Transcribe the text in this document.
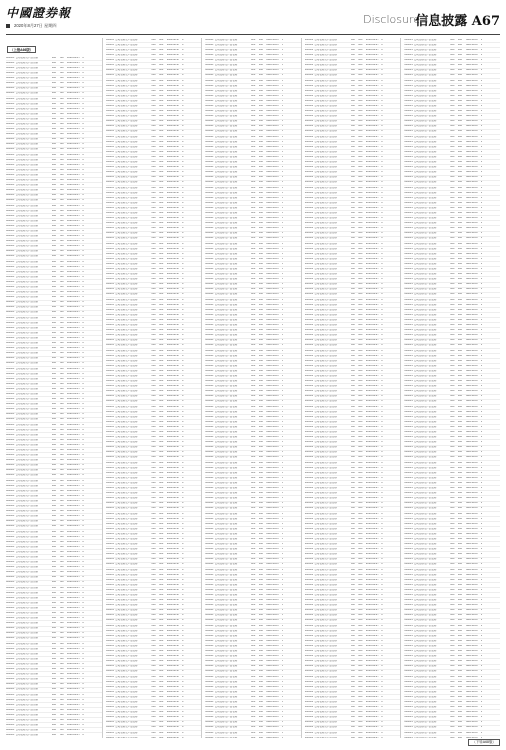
中國證券報
2020年8月27日 星期四	Disclosure
信息披露 A67
（上接A66版）
000001 公司名称及产品名称	000	000	2020-08-27 0
000001 公司名称及产品名称	000	000	2020-08-27 0
000001 公司名称及产品名称	000	000	2020-08-27 0
000001 公司名称及产品名称	000	000	2020-08-27 0
000001 公司名称及产品名称	000	000	2020-08-27 0
000001 公司名称及产品名称	000	000	2020-08-27 0
000001 公司名称及产品名称	000	000	2020-08-27 0
000001 公司名称及产品名称	000	000	2020-08-27 0
000001 公司名称及产品名称	000	000	2020-08-27 0
000001 公司名称及产品名称	000	000	2020-08-27 0
000001 公司名称及产品名称	000	000	2020-08-27 0
000001 公司名称及产品名称	000	000	2020-08-27 0
000001 公司名称及产品名称	000	000	2020-08-27 0
000001 公司名称及产品名称	000	000	2020-08-27 0
000001 公司名称及产品名称	000	000	2020-08-27 0
000001 公司名称及产品名称	000	000	2020-08-27 0
000001 公司名称及产品名称	000	000	2020-08-27 0
000001 公司名称及产品名称	000	000	2020-08-27 0
000001 公司名称及产品名称	000	000	2020-08-27 0
000001 公司名称及产品名称	000	000	2020-08-27 0
000001 公司名称及产品名称	000	000	2020-08-27 0
000001 公司名称及产品名称	000	000	2020-08-27 0
000001 公司名称及产品名称	000	000	2020-08-27 0
000001 公司名称及产品名称	000	000	2020-08-27 0
000001 公司名称及产品名称	000	000	2020-08-27 0
000001 公司名称及产品名称	000	000	2020-08-27 0
000001 公司名称及产品名称	000	000	2020-08-27 0
000001 公司名称及产品名称	000	000	2020-08-27 0
000001 公司名称及产品名称	000	000	2020-08-27 0
000001 公司名称及产品名称	000	000	2020-08-27 0
000001 公司名称及产品名称	000	000	2020-08-27 0
000001 公司名称及产品名称	000	000	2020-08-27 0
000001 公司名称及产品名称	000	000	2020-08-27 0
000001 公司名称及产品名称	000	000	2020-08-27 0
000001 公司名称及产品名称	000	000	2020-08-27 0
000001 公司名称及产品名称	000	000	2020-08-27 0
000001 公司名称及产品名称	000	000	2020-08-27 0
000001 公司名称及产品名称	000	000	2020-08-27 0
000001 公司名称及产品名称	000	000	2020-08-27 0
000001 公司名称及产品名称	000	000	2020-08-27 0
000001 公司名称及产品名称	000	000	2020-08-27 0
000001 公司名称及产品名称	000	000	2020-08-27 0
000001 公司名称及产品名称	000	000	2020-08-27 0
000001 公司名称及产品名称	000	000	2020-08-27 0
000001 公司名称及产品名称	000	000	2020-08-27 0
000001 公司名称及产品名称	000	000	2020-08-27 0
000001 公司名称及产品名称	000	000	2020-08-27 0
000001 公司名称及产品名称	000	000	2020-08-27 0
000001 公司名称及产品名称	000	000	2020-08-27 0
000001 公司名称及产品名称	000	000	2020-08-27 0
000001 公司名称及产品名称	000	000	2020-08-27 0
000001 公司名称及产品名称	000	000	2020-08-27 0
000001 公司名称及产品名称	000	000	2020-08-27 0
000001 公司名称及产品名称	000	000	2020-08-27 0
000001 公司名称及产品名称	000	000	2020-08-27 0
000001 公司名称及产品名称	000	000	2020-08-27 0
000001 公司名称及产品名称	000	000	2020-08-27 0
000001 公司名称及产品名称	000	000	2020-08-27 0
000001 公司名称及产品名称	000	000	2020-08-27 0
000001 公司名称及产品名称	000	000	2020-08-27 0
000001 公司名称及产品名称	000	000	2020-08-27 0
000001 公司名称及产品名称	000	000	2020-08-27 0
000001 公司名称及产品名称	000	000	2020-08-27 0
000001 公司名称及产品名称	000	000	2020-08-27 0
000001 公司名称及产品名称	000	000	2020-08-27 0
000001 公司名称及产品名称	000	000	2020-08-27 0
000001 公司名称及产品名称	000	000	2020-08-27 0
000001 公司名称及产品名称	000	000	2020-08-27 0
000001 公司名称及产品名称	000	000	2020-08-27 0
000001 公司名称及产品名称	000	000	2020-08-27 0
000001 公司名称及产品名称	000	000	2020-08-27 0
000001 公司名称及产品名称	000	000	2020-08-27 0
000001 公司名称及产品名称	000	000	2020-08-27 0
000001 公司名称及产品名称	000	000	2020-08-27 0
000001 公司名称及产品名称	000	000	2020-08-27 0
000001 公司名称及产品名称	000	000	2020-08-27 0
000001 公司名称及产品名称	000	000	2020-08-27 0
000001 公司名称及产品名称	000	000	2020-08-27 0
000001 公司名称及产品名称	000	000	2020-08-27 0
000001 公司名称及产品名称	000	000	2020-08-27 0
000001 公司名称及产品名称	000	000	2020-08-27 0
000001 公司名称及产品名称	000	000	2020-08-27 0
000001 公司名称及产品名称	000	000	2020-08-27 0
000001 公司名称及产品名称	000	000	2020-08-27 0
000001 公司名称及产品名称	000	000	2020-08-27 0
000001 公司名称及产品名称	000	000	2020-08-27 0
000001 公司名称及产品名称	000	000	2020-08-27 0
000001 公司名称及产品名称	000	000	2020-08-27 0
000001 公司名称及产品名称	000	000	2020-08-27 0
000001 公司名称及产品名称	000	000	2020-08-27 0
000001 公司名称及产品名称	000	000	2020-08-27 0
000001 公司名称及产品名称	000	000	2020-08-27 0
000001 公司名称及产品名称	000	000	2020-08-27 0
000001 公司名称及产品名称	000	000	2020-08-27 0
000001 公司名称及产品名称	000	000	2020-08-27 0
000001 公司名称及产品名称	000	000	2020-08-27 0
000001 公司名称及产品名称	000	000	2020-08-27 0
000001 公司名称及产品名称	000	000	2020-08-27 0
000001 公司名称及产品名称	000	000	2020-08-27 0
000001 公司名称及产品名称	000	000	2020-08-27 0
000001 公司名称及产品名称	000	000	2020-08-27 0
000001 公司名称及产品名称	000	000	2020-08-27 0
000001 公司名称及产品名称	000	000	2020-08-27 0
000001 公司名称及产品名称	000	000	2020-08-27 0
000001 公司名称及产品名称	000	000	2020-08-27 0
000001 公司名称及产品名称	000	000	2020-08-27 0
000001 公司名称及产品名称	000	000	2020-08-27 0
000001 公司名称及产品名称	000	000	2020-08-27 0
000001 公司名称及产品名称	000	000	2020-08-27 0
000001 公司名称及产品名称	000	000	2020-08-27 0
000001 公司名称及产品名称	000	000	2020-08-27 0
000001 公司名称及产品名称	000	000	2020-08-27 0
000001 公司名称及产品名称	000	000	2020-08-27 0
000001 公司名称及产品名称	000	000	2020-08-27 0
000001 公司名称及产品名称	000	000	2020-08-27 0
000001 公司名称及产品名称	000	000	2020-08-27 0
000001 公司名称及产品名称	000	000	2020-08-27 0
000001 公司名称及产品名称	000	000	2020-08-27 0
000001 公司名称及产品名称	000	000	2020-08-27 0
000001 公司名称及产品名称	000	000	2020-08-27 0
000001 公司名称及产品名称	000	000	2020-08-27 0
000001 公司名称及产品名称	000	000	2020-08-27 0
000001 公司名称及产品名称	000	000	2020-08-27 0
000001 公司名称及产品名称	000	000	2020-08-27 0
000001 公司名称及产品名称	000	000	2020-08-27 0
000001 公司名称及产品名称	000	000	2020-08-27 0
000001 公司名称及产品名称	000	000	2020-08-27 0
000001 公司名称及产品名称	000	000	2020-08-27 0
000001 公司名称及产品名称	000	000	2020-08-27 0
000001 公司名称及产品名称	000	000	2020-08-27 0
000001 公司名称及产品名称	000	000	2020-08-27 0
000001 公司名称及产品名称	000	000	2020-08-27 0
000001 公司名称及产品名称	000	000	2020-08-27 0
000001 公司名称及产品名称	000	000	2020-08-27 0
000001 公司名称及产品名称	000	000	2020-08-27 0
000001 公司名称及产品名称	000	000	2020-08-27 0
000001 公司名称及产品名称	000	000	2020-08-27 0
000001 公司名称及产品名称	000	000	2020-08-27 0
000001 公司名称及产品名称	000	000	2020-08-27 0
000001 公司名称及产品名称	000	000	2020-08-27 0
000001 公司名称及产品名称	000	000	2020-08-27 0
000001 公司名称及产品名称	000	000	2020-08-27 0
000001 公司名称及产品名称	000	000	2020-08-27 0
000001 公司名称及产品名称	000	000	2020-08-27 0
000001 公司名称及产品名称	000	000	2020-08-27 0
000001 公司名称及产品名称	000	000	2020-08-27 0
000001 公司名称及产品名称	000	000	2020-08-27 0
000001 公司名称及产品名称	000	000	2020-08-27 0
000001 公司名称及产品名称	000	000	2020-08-27 0
000001 公司名称及产品名称	000	000	2020-08-27 0
000001 公司名称及产品名称	000	000	2020-08-27 0
000001 公司名称及产品名称	000	000	2020-08-27 0
000001 公司名称及产品名称	000	000	2020-08-27 0
000001 公司名称及产品名称	000	000	2020-08-27 0
000001 公司名称及产品名称	000	000	2020-08-27 0
000001 公司名称及产品名称	000	000	2020-08-27 0
000001 公司名称及产品名称	000	000	2020-08-27 0
000001 公司名称及产品名称	000	000	2020-08-27 0
000001 公司名称及产品名称	000	000	2020-08-27 0
000001 公司名称及产品名称	000	000	2020-08-27 0
000001 公司名称及产品名称	000	000	2020-08-27 0
000001 公司名称及产品名称	000	000	2020-08-27 0
000001 公司名称及产品名称	000	000	2020-08-27 0
000001 公司名称及产品名称	000	000	2020-08-27 0
000001 公司名称及产品名称	000	000	2020-08-27 0
000001 公司名称及产品名称	000	000	2020-08-27 0
000001 公司名称及产品名称	000	000	2020-08-27 0
000001 公司名称及产品名称	000	000	2020-08-27 0
000001 公司名称及产品名称	000	000	2020-08-27 0
000001 公司名称及产品名称	000	000	2020-08-27 0
000001 公司名称及产品名称	000	000	2020-08-27 0
000001 公司名称及产品名称	000	000	2020-08-27 0
000001 公司名称及产品名称	000	000	2020-08-27 0
000001 公司名称及产品名称	000	000	2020-08-27 0
000001 公司名称及产品名称	000	000	2020-08-27 0
000001 公司名称及产品名称	000	000	2020-08-27 0
000001 公司名称及产品名称	000	000	2020-08-27 0
000001 公司名称及产品名称	000	000	2020-08-27 0
000001 公司名称及产品名称	000	000	2020-08-27 0
000001 公司名称及产品名称	000	000	2020-08-27 0
000001 公司名称及产品名称	000	000	2020-08-27 0
000001 公司名称及产品名称	000	000	2020-08-27 0
000001 公司名称及产品名称	000	000	2020-08-27 0
000001 公司名称及产品名称	000	000	2020-08-27 0
000001 公司名称及产品名称	000	000	2020-08-27 0
000001 公司名称及产品名称	000	000	2020-08-27 0
000001 公司名称及产品名称	000	000	2020-08-27 0
000001 公司名称及产品名称	000	000	2020-08-27 0
000001 公司名称及产品名称	000	000	2020-08-27 0
000001 公司名称及产品名称	000	000	2020-08-27 0
000001 公司名称及产品名称	000	000	2020-08-27 0
000001 公司名称及产品名称	000	000	2020-08-27 0
000001 公司名称及产品名称	000	000	2020-08-27 0
000001 公司名称及产品名称	000	000	2020-08-27 0
000001 公司名称及产品名称	000	000	2020-08-27 0
000001 公司名称及产品名称	000	000	2020-08-27 0
000001 公司名称及产品名称	000	000	2020-08-27 0
000001 公司名称及产品名称	000	000	2020-08-27 0
000001 公司名称及产品名称	000	000	2020-08-27 0
000001 公司名称及产品名称	000	000	2020-08-27 0
000001 公司名称及产品名称	000	000	2020-08-27 0
000001 公司名称及产品名称	000	000	2020-08-27 0
000001 公司名称及产品名称	000	000	2020-08-27 0
000001 公司名称及产品名称	000	000	2020-08-27 0
000001 公司名称及产品名称	000	000	2020-08-27 0
000001 公司名称及产品名称	000	000	2020-08-27 0
000001 公司名称及产品名称	000	000	2020-08-27 0
000001 公司名称及产品名称	000	000	2020-08-27 0
000001 公司名称及产品名称	000	000	2020-08-27 0
000001 公司名称及产品名称	000	000	2020-08-27 0
000001 公司名称及产品名称	000	000	2020-08-27 0
000001 公司名称及产品名称	000	000	2020-08-27 0
000001 公司名称及产品名称	000	000	2020-08-27 0
000001 公司名称及产品名称	000	000	2020-08-27 0
000001 公司名称及产品名称	000	000	2020-08-27 0
000001 公司名称及产品名称	000	000	2020-08-27 0
000001 公司名称及产品名称	000	000	2020-08-27 0
000001 公司名称及产品名称	000	000	2020-08-27 0
000001 公司名称及产品名称	000	000	2020-08-27 0
000001 公司名称及产品名称	000	000	2020-08-27 0
000001 公司名称及产品名称	000	000	2020-08-27 0
000001 公司名称及产品名称	000	000	2020-08-27 0
000001 公司名称及产品名称	000	000	2020-08-27 0
000001 公司名称及产品名称	000	000	2020-08-27 0
000001 公司名称及产品名称	000	000	2020-08-27 0
000001 公司名称及产品名称	000	000	2020-08-27 0
000001 公司名称及产品名称	000	000	2020-08-27 0
000001 公司名称及产品名称	000	000	2020-08-27 0
000001 公司名称及产品名称	000	000	2020-08-27 0
000001 公司名称及产品名称	000	000	2020-08-27 0
000001 公司名称及产品名称	000	000	2020-08-27 0
000001 公司名称及产品名称	000	000	2020-08-27 0
000001 公司名称及产品名称	000	000	2020-08-27 0
000001 公司名称及产品名称	000	000	2020-08-27 0
000001 公司名称及产品名称	000	000	2020-08-27 0
000001 公司名称及产品名称	000	000	2020-08-27 0
000001 公司名称及产品名称	000	000	2020-08-27 0
000001 公司名称及产品名称	000	000	2020-08-27 0
000001 公司名称及产品名称	000	000	2020-08-27 0
000001 公司名称及产品名称	000	000	2020-08-27 0
000001 公司名称及产品名称	000	000	2020-08-27 0
000001 公司名称及产品名称	000	000	2020-08-27 0
000001 公司名称及产品名称	000	000	2020-08-27 0
000001 公司名称及产品名称	000	000	2020-08-27 0
000001 公司名称及产品名称	000	000	2020-08-27 0
000001 公司名称及产品名称	000	000	2020-08-27 0
000001 公司名称及产品名称	000	000	2020-08-27 0
000001 公司名称及产品名称	000	000	2020-08-27 0
000001 公司名称及产品名称	000	000	2020-08-27 0
000001 公司名称及产品名称	000	000	2020-08-27 0
000001 公司名称及产品名称	000	000	2020-08-27 0
000001 公司名称及产品名称	000	000	2020-08-27 0
000001 公司名称及产品名称	000	000	2020-08-27 0
000001 公司名称及产品名称	000	000	2020-08-27 0
000001 公司名称及产品名称	000	000	2020-08-27 0
000001 公司名称及产品名称	000	000	2020-08-27 0
000001 公司名称及产品名称	000	000	2020-08-27 0
000001 公司名称及产品名称	000	000	2020-08-27 0
000001 公司名称及产品名称	000	000	2020-08-27 0
000001 公司名称及产品名称	000	000	2020-08-27 0
000001 公司名称及产品名称	000	000	2020-08-27 0
000001 公司名称及产品名称	000	000	2020-08-27 0
000001 公司名称及产品名称	000	000	2020-08-27 0
000001 公司名称及产品名称	000	000	2020-08-27 0
000001 公司名称及产品名称	000	000	2020-08-27 0
000001 公司名称及产品名称	000	000	2020-08-27 0
000001 公司名称及产品名称	000	000	2020-08-27 0
000001 公司名称及产品名称	000	000	2020-08-27 0
000001 公司名称及产品名称	000	000	2020-08-27 0
000001 公司名称及产品名称	000	000	2020-08-27 0
000001 公司名称及产品名称	000	000	2020-08-27 0
000001 公司名称及产品名称	000	000	2020-08-27 0
000001 公司名称及产品名称	000	000	2020-08-27 0
000001 公司名称及产品名称	000	000	2020-08-27 0
000001 公司名称及产品名称	000	000	2020-08-27 0
000001 公司名称及产品名称	000	000	2020-08-27 0
000001 公司名称及产品名称	000	000	2020-08-27 0
000001 公司名称及产品名称	000	000	2020-08-27 0
000001 公司名称及产品名称	000	000	2020-08-27 0
000001 公司名称及产品名称	000	000	2020-08-27 0
000001 公司名称及产品名称	000	000	2020-08-27 0
000001 公司名称及产品名称	000	000	2020-08-27 0
000001 公司名称及产品名称	000	000	2020-08-27 0
000001 公司名称及产品名称	000	000	2020-08-27 0
000001 公司名称及产品名称	000	000	2020-08-27 0
000001 公司名称及产品名称	000	000	2020-08-27 0
000001 公司名称及产品名称	000	000	2020-08-27 0
000001 公司名称及产品名称	000	000	2020-08-27 0
000001 公司名称及产品名称	000	000	2020-08-27 0
000001 公司名称及产品名称	000	000	2020-08-27 0
000001 公司名称及产品名称	000	000	2020-08-27 0
000001 公司名称及产品名称	000	000	2020-08-27 0
000001 公司名称及产品名称	000	000	2020-08-27 0
000001 公司名称及产品名称	000	000	2020-08-27 0
000001 公司名称及产品名称	000	000	2020-08-27 0
000001 公司名称及产品名称	000	000	2020-08-27 0
000001 公司名称及产品名称	000	000	2020-08-27 0
000001 公司名称及产品名称	000	000	2020-08-27 0
000001 公司名称及产品名称	000	000	2020-08-27 0
000001 公司名称及产品名称	000	000	2020-08-27 0
000001 公司名称及产品名称	000	000	2020-08-27 0
000001 公司名称及产品名称	000	000	2020-08-27 0
000001 公司名称及产品名称	000	000	2020-08-27 0
000001 公司名称及产品名称	000	000	2020-08-27 0
000001 公司名称及产品名称	000	000	2020-08-27 0
000001 公司名称及产品名称	000	000	2020-08-27 0
000001 公司名称及产品名称	000	000	2020-08-27 0
000001 公司名称及产品名称	000	000	2020-08-27 0
000001 公司名称及产品名称	000	000	2020-08-27 0
000001 公司名称及产品名称	000	000	2020-08-27 0
000001 公司名称及产品名称	000	000	2020-08-27 0
000001 公司名称及产品名称	000	000	2020-08-27 0
000001 公司名称及产品名称	000	000	2020-08-27 0
000001 公司名称及产品名称	000	000	2020-08-27 0
000001 公司名称及产品名称	000	000	2020-08-27 0
000001 公司名称及产品名称	000	000	2020-08-27 0
000001 公司名称及产品名称	000	000	2020-08-27 0
000001 公司名称及产品名称	000	000	2020-08-27 0
000001 公司名称及产品名称	000	000	2020-08-27 0
000001 公司名称及产品名称	000	000	2020-08-27 0
000001 公司名称及产品名称	000	000	2020-08-27 0
000001 公司名称及产品名称	000	000	2020-08-27 0
000001 公司名称及产品名称	000	000	2020-08-27 0
000001 公司名称及产品名称	000	000	2020-08-27 0
000001 公司名称及产品名称	000	000	2020-08-27 0
000001 公司名称及产品名称	000	000	2020-08-27 0
000001 公司名称及产品名称	000	000	2020-08-27 0
000001 公司名称及产品名称	000	000	2020-08-27 0
000001 公司名称及产品名称	000	000	2020-08-27 0
000001 公司名称及产品名称	000	000	2020-08-27 0
000001 公司名称及产品名称	000	000	2020-08-27 0
000001 公司名称及产品名称	000	000	2020-08-27 0
000001 公司名称及产品名称	000	000	2020-08-27 0
000001 公司名称及产品名称	000	000	2020-08-27 0
000001 公司名称及产品名称	000	000	2020-08-27 0
000001 公司名称及产品名称	000	000	2020-08-27 0
000001 公司名称及产品名称	000	000	2020-08-27 0
000001 公司名称及产品名称	000	000	2020-08-27 0
000001 公司名称及产品名称	000	000	2020-08-27 0
000001 公司名称及产品名称	000	000	2020-08-27 0
000001 公司名称及产品名称	000	000	2020-08-27 0
000001 公司名称及产品名称	000	000	2020-08-27 0
000001 公司名称及产品名称	000	000	2020-08-27 0
000001 公司名称及产品名称	000	000	2020-08-27 0
000001 公司名称及产品名称	000	000	2020-08-27 0
000001 公司名称及产品名称	000	000	2020-08-27 0
000001 公司名称及产品名称	000	000	2020-08-27 0
000001 公司名称及产品名称	000	000	2020-08-27 0
000001 公司名称及产品名称	000	000	2020-08-27 0
000001 公司名称及产品名称	000	000	2020-08-27 0
000001 公司名称及产品名称	000	000	2020-08-27 0
000001 公司名称及产品名称	000	000	2020-08-27 0
000001 公司名称及产品名称	000	000	2020-08-27 0
000001 公司名称及产品名称	000	000	2020-08-27 0
000001 公司名称及产品名称	000	000	2020-08-27 0
000001 公司名称及产品名称	000	000	2020-08-27 0
000001 公司名称及产品名称	000	000	2020-08-27 0
000001 公司名称及产品名称	000	000	2020-08-27 0
000001 公司名称及产品名称	000	000	2020-08-27 0
000001 公司名称及产品名称	000	000	2020-08-27 0
000001 公司名称及产品名称	000	000	2020-08-27 0
000001 公司名称及产品名称	000	000	2020-08-27 0
000001 公司名称及产品名称	000	000	2020-08-27 0
000001 公司名称及产品名称	000	000	2020-08-27 0
000001 公司名称及产品名称	000	000	2020-08-27 0
000001 公司名称及产品名称	000	000	2020-08-27 0
000001 公司名称及产品名称	000	000	2020-08-27 0
000001 公司名称及产品名称	000	000	2020-08-27 0
000001 公司名称及产品名称	000	000	2020-08-27 0
000001 公司名称及产品名称	000	000	2020-08-27 0
000001 公司名称及产品名称	000	000	2020-08-27 0
000001 公司名称及产品名称	000	000	2020-08-27 0
000001 公司名称及产品名称	000	000	2020-08-27 0
000001 公司名称及产品名称	000	000	2020-08-27 0
000001 公司名称及产品名称	000	000	2020-08-27 0
000001 公司名称及产品名称	000	000	2020-08-27 0
000001 公司名称及产品名称	000	000	2020-08-27 0
000001 公司名称及产品名称	000	000	2020-08-27 0
000001 公司名称及产品名称	000	000	2020-08-27 0
000001 公司名称及产品名称	000	000	2020-08-27 0
000001 公司名称及产品名称	000	000	2020-08-27 0
000001 公司名称及产品名称	000	000	2020-08-27 0
000001 公司名称及产品名称	000	000	2020-08-27 0
000001 公司名称及产品名称	000	000	2020-08-27 0
000001 公司名称及产品名称	000	000	2020-08-27 0
000001 公司名称及产品名称	000	000	2020-08-27 0
000001 公司名称及产品名称	000	000	2020-08-27 0
000001 公司名称及产品名称	000	000	2020-08-27 0
000001 公司名称及产品名称	000	000	2020-08-27 0
000001 公司名称及产品名称	000	000	2020-08-27 0
000001 公司名称及产品名称	000	000	2020-08-27 0
000001 公司名称及产品名称	000	000	2020-08-27 0
000001 公司名称及产品名称	000	000	2020-08-27 0
000001 公司名称及产品名称	000	000	2020-08-27 0
000001 公司名称及产品名称	000	000	2020-08-27 0
000001 公司名称及产品名称	000	000	2020-08-27 0
000001 公司名称及产品名称	000	000	2020-08-27 0
000001 公司名称及产品名称	000	000	2020-08-27 0
000001 公司名称及产品名称	000	000	2020-08-27 0
000001 公司名称及产品名称	000	000	2020-08-27 0
000001 公司名称及产品名称	000	000	2020-08-27 0
000001 公司名称及产品名称	000	000	2020-08-27 0
000001 公司名称及产品名称	000	000	2020-08-27 0
000001 公司名称及产品名称	000	000	2020-08-27 0
000001 公司名称及产品名称	000	000	2020-08-27 0
000001 公司名称及产品名称	000	000	2020-08-27 0
000001 公司名称及产品名称	000	000	2020-08-27 0
000001 公司名称及产品名称	000	000	2020-08-27 0
000001 公司名称及产品名称	000	000	2020-08-27 0
000001 公司名称及产品名称	000	000	2020-08-27 0
000001 公司名称及产品名称	000	000	2020-08-27 0
000001 公司名称及产品名称	000	000	2020-08-27 0
000001 公司名称及产品名称	000	000	2020-08-27 0
000001 公司名称及产品名称	000	000	2020-08-27 0
000001 公司名称及产品名称	000	000	2020-08-27 0
000001 公司名称及产品名称	000	000	2020-08-27 0
000001 公司名称及产品名称	000	000	2020-08-27 0
000001 公司名称及产品名称	000	000	2020-08-27 0
000001 公司名称及产品名称	000	000	2020-08-27 0
000001 公司名称及产品名称	000	000	2020-08-27 0
000001 公司名称及产品名称	000	000	2020-08-27 0
000001 公司名称及产品名称	000	000	2020-08-27 0
000001 公司名称及产品名称	000	000	2020-08-27 0
000001 公司名称及产品名称	000	000	2020-08-27 0
000001 公司名称及产品名称	000	000	2020-08-27 0
000001 公司名称及产品名称	000	000	2020-08-27 0
000001 公司名称及产品名称	000	000	2020-08-27 0
000001 公司名称及产品名称	000	000	2020-08-27 0
000001 公司名称及产品名称	000	000	2020-08-27 0
000001 公司名称及产品名称	000	000	2020-08-27 0
000001 公司名称及产品名称	000	000	2020-08-27 0
000001 公司名称及产品名称	000	000	2020-08-27 0
000001 公司名称及产品名称	000	000	2020-08-27 0
000001 公司名称及产品名称	000	000	2020-08-27 0
000001 公司名称及产品名称	000	000	2020-08-27 0
000001 公司名称及产品名称	000	000	2020-08-27 0
000001 公司名称及产品名称	000	000	2020-08-27 0
000001 公司名称及产品名称	000	000	2020-08-27 0
000001 公司名称及产品名称	000	000	2020-08-27 0
000001 公司名称及产品名称	000	000	2020-08-27 0
000001 公司名称及产品名称	000	000	2020-08-27 0
000001 公司名称及产品名称	000	000	2020-08-27 0
000001 公司名称及产品名称	000	000	2020-08-27 0
000001 公司名称及产品名称	000	000	2020-08-27 0
000001 公司名称及产品名称	000	000	2020-08-27 0
000001 公司名称及产品名称	000	000	2020-08-27 0
000001 公司名称及产品名称	000	000	2020-08-27 0
000001 公司名称及产品名称	000	000	2020-08-27 0
000001 公司名称及产品名称	000	000	2020-08-27 0
000001 公司名称及产品名称	000	000	2020-08-27 0
000001 公司名称及产品名称	000	000	2020-08-27 0
000001 公司名称及产品名称	000	000	2020-08-27 0
000001 公司名称及产品名称	000	000	2020-08-27 0
000001 公司名称及产品名称	000	000	2020-08-27 0
000001 公司名称及产品名称	000	000	2020-08-27 0
000001 公司名称及产品名称	000	000	2020-08-27 0
000001 公司名称及产品名称	000	000	2020-08-27 0
000001 公司名称及产品名称	000	000	2020-08-27 0
000001 公司名称及产品名称	000	000	2020-08-27 0
000001 公司名称及产品名称	000	000	2020-08-27 0
000001 公司名称及产品名称	000	000	2020-08-27 0
000001 公司名称及产品名称	000	000	2020-08-27 0
000001 公司名称及产品名称	000	000	2020-08-27 0
000001 公司名称及产品名称	000	000	2020-08-27 0
000001 公司名称及产品名称	000	000	2020-08-27 0
000001 公司名称及产品名称	000	000	2020-08-27 0
000001 公司名称及产品名称	000	000	2020-08-27 0
000001 公司名称及产品名称	000	000	2020-08-27 0
000001 公司名称及产品名称	000	000	2020-08-27 0
000001 公司名称及产品名称	000	000	2020-08-27 0
000001 公司名称及产品名称	000	000	2020-08-27 0
000001 公司名称及产品名称	000	000	2020-08-27 0
000001 公司名称及产品名称	000	000	2020-08-27 0
000001 公司名称及产品名称	000	000	2020-08-27 0
000001 公司名称及产品名称	000	000	2020-08-27 0
000001 公司名称及产品名称	000	000	2020-08-27 0
000001 公司名称及产品名称	000	000	2020-08-27 0
000001 公司名称及产品名称	000	000	2020-08-27 0
000001 公司名称及产品名称	000	000	2020-08-27 0
000001 公司名称及产品名称	000	000	2020-08-27 0
000001 公司名称及产品名称	000	000	2020-08-27 0
000001 公司名称及产品名称	000	000	2020-08-27 0
000001 公司名称及产品名称	000	000	2020-08-27 0
000001 公司名称及产品名称	000	000	2020-08-27 0
000001 公司名称及产品名称	000	000	2020-08-27 0
000001 公司名称及产品名称	000	000	2020-08-27 0
000001 公司名称及产品名称	000	000	2020-08-27 0
000001 公司名称及产品名称	000	000	2020-08-27 0
000001 公司名称及产品名称	000	000	2020-08-27 0
000001 公司名称及产品名称	000	000	2020-08-27 0
000001 公司名称及产品名称	000	000	2020-08-27 0
000001 公司名称及产品名称	000	000	2020-08-27 0
000001 公司名称及产品名称	000	000	2020-08-27 0
000001 公司名称及产品名称	000	000	2020-08-27 0
000001 公司名称及产品名称	000	000	2020-08-27 0
000001 公司名称及产品名称	000	000	2020-08-27 0
000001 公司名称及产品名称	000	000	2020-08-27 0
000001 公司名称及产品名称	000	000	2020-08-27 0
000001 公司名称及产品名称	000	000	2020-08-27 0
000001 公司名称及产品名称	000	000	2020-08-27 0
000001 公司名称及产品名称	000	000	2020-08-27 0
000001 公司名称及产品名称	000	000	2020-08-27 0
000001 公司名称及产品名称	000	000	2020-08-27 0
000001 公司名称及产品名称	000	000	2020-08-27 0
000001 公司名称及产品名称	000	000	2020-08-27 0
000001 公司名称及产品名称	000	000	2020-08-27 0
000001 公司名称及产品名称	000	000	2020-08-27 0
000001 公司名称及产品名称	000	000	2020-08-27 0
000001 公司名称及产品名称	000	000	2020-08-27 0
000001 公司名称及产品名称	000	000	2020-08-27 0
000001 公司名称及产品名称	000	000	2020-08-27 0
000001 公司名称及产品名称	000	000	2020-08-27 0
000001 公司名称及产品名称	000	000	2020-08-27 0
000001 公司名称及产品名称	000	000	2020-08-27 0
000001 公司名称及产品名称	000	000	2020-08-27 0
000001 公司名称及产品名称	000	000	2020-08-27 0
000001 公司名称及产品名称	000	000	2020-08-27 0
000001 公司名称及产品名称	000	000	2020-08-27 0
000001 公司名称及产品名称	000	000	2020-08-27 0
000001 公司名称及产品名称	000	000	2020-08-27 0
000001 公司名称及产品名称	000	000	2020-08-27 0
000001 公司名称及产品名称	000	000	2020-08-27 0
000001 公司名称及产品名称	000	000	2020-08-27 0
000001 公司名称及产品名称	000	000	2020-08-27 0
000001 公司名称及产品名称	000	000	2020-08-27 0
000001 公司名称及产品名称	000	000	2020-08-27 0
000001 公司名称及产品名称	000	000	2020-08-27 0
000001 公司名称及产品名称	000	000	2020-08-27 0
000001 公司名称及产品名称	000	000	2020-08-27 0
000001 公司名称及产品名称	000	000	2020-08-27 0
000001 公司名称及产品名称	000	000	2020-08-27 0
000001 公司名称及产品名称	000	000	2020-08-27 0
000001 公司名称及产品名称	000	000	2020-08-27 0
000001 公司名称及产品名称	000	000	2020-08-27 0
000001 公司名称及产品名称	000	000	2020-08-27 0
000001 公司名称及产品名称	000	000	2020-08-27 0
000001 公司名称及产品名称	000	000	2020-08-27 0
000001 公司名称及产品名称	000	000	2020-08-27 0
000001 公司名称及产品名称	000	000	2020-08-27 0
000001 公司名称及产品名称	000	000	2020-08-27 0
000001 公司名称及产品名称	000	000	2020-08-27 0
000001 公司名称及产品名称	000	000	2020-08-27 0
000001 公司名称及产品名称	000	000	2020-08-27 0
000001 公司名称及产品名称	000	000	2020-08-27 0
000001 公司名称及产品名称	000	000	2020-08-27 0
000001 公司名称及产品名称	000	000	2020-08-27 0
000001 公司名称及产品名称	000	000	2020-08-27 0
000001 公司名称及产品名称	000	000	2020-08-27 0
000001 公司名称及产品名称	000	000	2020-08-27 0
000001 公司名称及产品名称	000	000	2020-08-27 0
000001 公司名称及产品名称	000	000	2020-08-27 0
000001 公司名称及产品名称	000	000	2020-08-27 0
000001 公司名称及产品名称	000	000	2020-08-27 0
000001 公司名称及产品名称	000	000	2020-08-27 0
000001 公司名称及产品名称	000	000	2020-08-27 0
000001 公司名称及产品名称	000	000	2020-08-27 0
000001 公司名称及产品名称	000	000	2020-08-27 0
000001 公司名称及产品名称	000	000	2020-08-27 0
000001 公司名称及产品名称	000	000	2020-08-27 0
000001 公司名称及产品名称	000	000	2020-08-27 0
000001 公司名称及产品名称	000	000	2020-08-27 0
000001 公司名称及产品名称	000	000	2020-08-27 0
000001 公司名称及产品名称	000	000	2020-08-27 0
000001 公司名称及产品名称	000	000	2020-08-27 0
000001 公司名称及产品名称	000	000	2020-08-27 0
000001 公司名称及产品名称	000	000	2020-08-27 0
000001 公司名称及产品名称	000	000	2020-08-27 0
000001 公司名称及产品名称	000	000	2020-08-27 0
000001 公司名称及产品名称	000	000	2020-08-27 0
000001 公司名称及产品名称	000	000	2020-08-27 0
000001 公司名称及产品名称	000	000	2020-08-27 0
000001 公司名称及产品名称	000	000	2020-08-27 0
000001 公司名称及产品名称	000	000	2020-08-27 0
000001 公司名称及产品名称	000	000	2020-08-27 0
000001 公司名称及产品名称	000	000	2020-08-27 0
000001 公司名称及产品名称	000	000	2020-08-27 0
000001 公司名称及产品名称	000	000	2020-08-27 0
000001 公司名称及产品名称	000	000	2020-08-27 0
000001 公司名称及产品名称	000	000	2020-08-27 0
000001 公司名称及产品名称	000	000	2020-08-27 0
000001 公司名称及产品名称	000	000	2020-08-27 0
000001 公司名称及产品名称	000	000	2020-08-27 0
000001 公司名称及产品名称	000	000	2020-08-27 0
000001 公司名称及产品名称	000	000	2020-08-27 0
000001 公司名称及产品名称	000	000	2020-08-27 0
000001 公司名称及产品名称	000	000	2020-08-27 0
000001 公司名称及产品名称	000	000	2020-08-27 0
000001 公司名称及产品名称	000	000	2020-08-27 0
000001 公司名称及产品名称	000	000	2020-08-27 0
000001 公司名称及产品名称	000	000	2020-08-27 0
000001 公司名称及产品名称	000	000	2020-08-27 0
000001 公司名称及产品名称	000	000	2020-08-27 0
000001 公司名称及产品名称	000	000	2020-08-27 0
000001 公司名称及产品名称	000	000	2020-08-27 0
000001 公司名称及产品名称	000	000	2020-08-27 0
000001 公司名称及产品名称	000	000	2020-08-27 0
000001 公司名称及产品名称	000	000	2020-08-27 0
000001 公司名称及产品名称	000	000	2020-08-27 0
000001 公司名称及产品名称	000	000	2020-08-27 0
000001 公司名称及产品名称	000	000	2020-08-27 0
000001 公司名称及产品名称	000	000	2020-08-27 0
000001 公司名称及产品名称	000	000	2020-08-27 0
000001 公司名称及产品名称	000	000	2020-08-27 0
000001 公司名称及产品名称	000	000	2020-08-27 0
000001 公司名称及产品名称	000	000	2020-08-27 0
000001 公司名称及产品名称	000	000	2020-08-27 0
000001 公司名称及产品名称	000	000	2020-08-27 0
000001 公司名称及产品名称	000	000	2020-08-27 0
000001 公司名称及产品名称	000	000	2020-08-27 0
000001 公司名称及产品名称	000	000	2020-08-27 0
000001 公司名称及产品名称	000	000	2020-08-27 0
000001 公司名称及产品名称	000	000	2020-08-27 0
000001 公司名称及产品名称	000	000	2020-08-27 0
000001 公司名称及产品名称	000	000	2020-08-27 0
000001 公司名称及产品名称	000	000	2020-08-27 0
000001 公司名称及产品名称	000	000	2020-08-27 0
000001 公司名称及产品名称	000	000	2020-08-27 0
000001 公司名称及产品名称	000	000	2020-08-27 0
000001 公司名称及产品名称	000	000	2020-08-27 0
000001 公司名称及产品名称	000	000	2020-08-27 0
000001 公司名称及产品名称	000	000	2020-08-27 0
000001 公司名称及产品名称	000	000	2020-08-27 0
000001 公司名称及产品名称	000	000	2020-08-27 0
000001 公司名称及产品名称	000	000	2020-08-27 0
000001 公司名称及产品名称	000	000	2020-08-27 0
000001 公司名称及产品名称	000	000	2020-08-27 0
000001 公司名称及产品名称	000	000	2020-08-27 0
000001 公司名称及产品名称	000	000	2020-08-27 0
000001 公司名称及产品名称	000	000	2020-08-27 0
000001 公司名称及产品名称	000	000	2020-08-27 0
000001 公司名称及产品名称	000	000	2020-08-27 0
000001 公司名称及产品名称	000	000	2020-08-27 0
000001 公司名称及产品名称	000	000	2020-08-27 0
000001 公司名称及产品名称	000	000	2020-08-27 0
000001 公司名称及产品名称	000	000	2020-08-27 0
000001 公司名称及产品名称	000	000	2020-08-27 0
000001 公司名称及产品名称	000	000	2020-08-27 0
000001 公司名称及产品名称	000	000	2020-08-27 0
000001 公司名称及产品名称	000	000	2020-08-27 0
000001 公司名称及产品名称	000	000	2020-08-27 0
000001 公司名称及产品名称	000	000	2020-08-27 0
000001 公司名称及产品名称	000	000	2020-08-27 0
000001 公司名称及产品名称	000	000	2020-08-27 0
000001 公司名称及产品名称	000	000	2020-08-27 0
000001 公司名称及产品名称	000	000	2020-08-27 0
000001 公司名称及产品名称	000	000	2020-08-27 0
000001 公司名称及产品名称	000	000	2020-08-27 0
000001 公司名称及产品名称	000	000	2020-08-27 0
000001 公司名称及产品名称	000	000	2020-08-27 0
000001 公司名称及产品名称	000	000	2020-08-27 0
000001 公司名称及产品名称	000	000	2020-08-27 0
000001 公司名称及产品名称	000	000	2020-08-27 0
000001 公司名称及产品名称	000	000	2020-08-27 0
000001 公司名称及产品名称	000	000	2020-08-27 0
000001 公司名称及产品名称	000	000	2020-08-27 0
000001 公司名称及产品名称	000	000	2020-08-27 0
000001 公司名称及产品名称	000	000	2020-08-27 0
000001 公司名称及产品名称	000	000	2020-08-27 0
000001 公司名称及产品名称	000	000	2020-08-27 0
000001 公司名称及产品名称	000	000	2020-08-27 0
000001 公司名称及产品名称	000	000	2020-08-27 0
000001 公司名称及产品名称	000	000	2020-08-27 0
000001 公司名称及产品名称	000	000	2020-08-27 0
000001 公司名称及产品名称	000	000	2020-08-27 0
000001 公司名称及产品名称	000	000	2020-08-27 0
000001 公司名称及产品名称	000	000	2020-08-27 0
000001 公司名称及产品名称	000	000	2020-08-27 0
000001 公司名称及产品名称	000	000	2020-08-27 0
000001 公司名称及产品名称	000	000	2020-08-27 0
000001 公司名称及产品名称	000	000	2020-08-27 0
000001 公司名称及产品名称	000	000	2020-08-27 0
000001 公司名称及产品名称	000	000	2020-08-27 0
000001 公司名称及产品名称	000	000	2020-08-27 0
000001 公司名称及产品名称	000	000	2020-08-27 0
000001 公司名称及产品名称	000	000	2020-08-27 0
000001 公司名称及产品名称	000	000	2020-08-27 0
000001 公司名称及产品名称	000	000	2020-08-27 0
000001 公司名称及产品名称	000	000	2020-08-27 0
000001 公司名称及产品名称	000	000	2020-08-27 0
000001 公司名称及产品名称	000	000	2020-08-27 0
000001 公司名称及产品名称	000	000	2020-08-27 0
000001 公司名称及产品名称	000	000	2020-08-27 0
（下转A68版）
